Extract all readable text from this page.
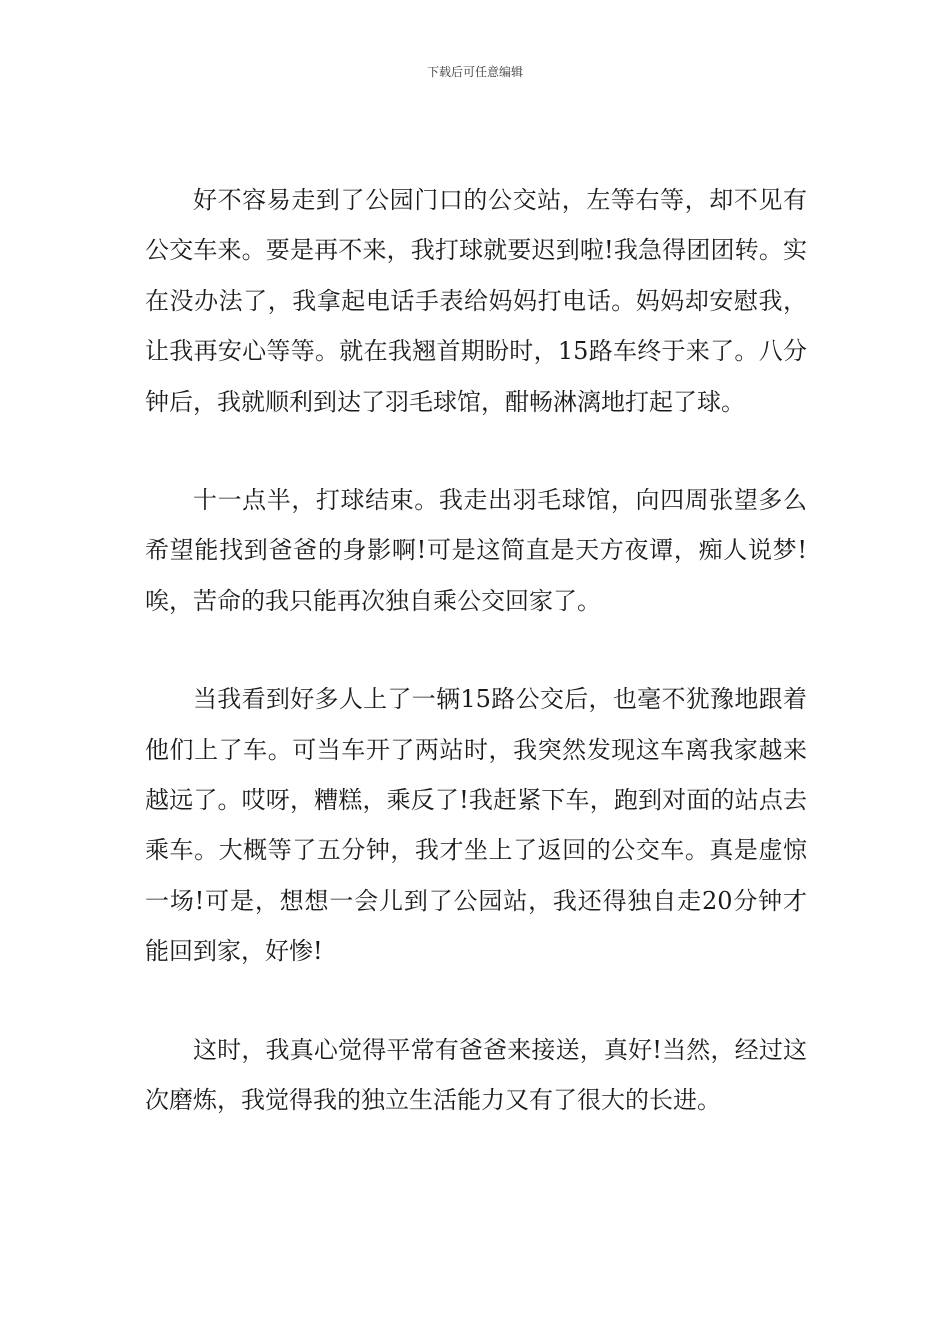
下载后可任意编辑

好不容易走到了公园门口的公交站，左等右等，却不见有公交车来。要是再不来，我打球就要迟到啦!我急得团团转。实在没办法了，我拿起电话手表给妈妈打电话。妈妈却安慰我，让我再安心等等。就在我翘首期盼时，15路车终于来了。八分钟后，我就顺利到达了羽毛球馆，酣畅淋漓地打起了球。

十一点半，打球结束。我走出羽毛球馆，向四周张望多么希望能找到爸爸的身影啊!可是这简直是天方夜谭，痴人说梦!唉，苦命的我只能再次独自乘公交回家了。

当我看到好多人上了一辆15路公交后，也毫不犹豫地跟着他们上了车。可当车开了两站时，我突然发现这车离我家越来越远了。哎呀，糟糕，乘反了!我赶紧下车，跑到对面的站点去乘车。大概等了五分钟，我才坐上了返回的公交车。真是虚惊一场!可是，想想一会儿到了公园站，我还得独自走20分钟才能回到家，好惨!

这时，我真心觉得平常有爸爸来接送，真好!当然，经过这次磨炼，我觉得我的独立生活能力又有了很大的长进。
